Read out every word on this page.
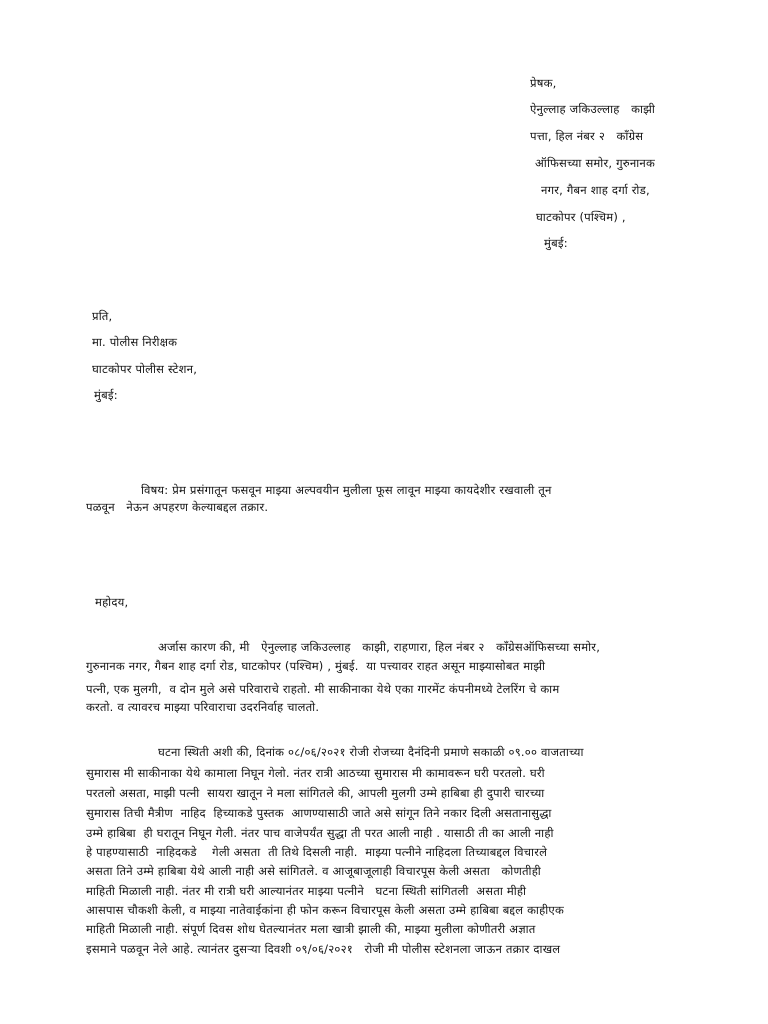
प्रेषक,
ऐनुल्लाह जकिउल्लाह   काझी
पत्ता, हिल नंबर २   कॉंग्रेस
ऑफिसच्या समोर, गुरुनानक
नगर, गैबन शाह दर्गा रोड,
घाटकोपर (पश्चिम) ,
मुंबई:
प्रति,
मा. पोलीस निरीक्षक
घाटकोपर पोलीस स्टेशन,
मुंबई:
विषय: प्रेम प्रसंगातून फसवून माझ्या अल्पवयीन मुलीला फूस लावून माझ्या कायदेशीर रखवाली तून
पळवून   नेऊन अपहरण केल्याबद्दल तक्रार.
महोदय,
अर्जास कारण की, मी   ऐनुल्लाह जकिउल्लाह   काझी, राहणारा, हिल नंबर २   कॉंग्रेसऑफिसच्या समोर,
गुरुनानक नगर, गैबन शाह दर्गा रोड, घाटकोपर (पश्चिम) , मुंबई.  या पत्त्यावर राहत असून माझ्यासोबत माझी
पत्नी, एक मुलगी,  व दोन मुले असे परिवाराचे राहतो. मी साकीनाका येथे एका गारमेंट कंपनीमध्ये टेलरिंग चे काम
करतो. व त्यावरच माझ्या परिवाराचा उदरनिर्वाह चालतो.
घटना स्थिती अशी की, दिनांक ०८/०६/२०२१ रोजी रोजच्या दैनंदिनी प्रमाणे सकाळी ०९.०० वाजताच्या
सुमारास मी साकीनाका येथे कामाला निघून गेलो. नंतर रात्री आठच्या सुमारास मी कामावरून घरी परतलो. घरी
परतलो असता, माझी पत्नी  सायरा खातून ने मला सांगितले की, आपली मुलगी उम्मे हाबिबा ही दुपारी चारच्या
सुमारास तिची मैत्रीण  नाहिद  हिच्याकडे पुस्तक  आणण्यासाठी जाते असे सांगून तिने नकार दिली असतानासुद्धा
उम्मे हाबिबा  ही घरातून निघून गेली. नंतर पाच वाजेपर्यंत सुद्धा ती परत आली नाही . यासाठी ती का आली नाही
हे पाहण्यासाठी  नाहिदकडे    गेली असता  ती तिथे दिसली नाही.  माझ्या पत्नीने नाहिदला तिच्याबद्दल विचारले
असता तिने उम्मे हाबिबा येथे आली नाही असे सांगितले. व आजूबाजूलाही विचारपूस केली असता   कोणतीही
माहिती मिळाली नाही. नंतर मी रात्री घरी आल्यानंतर माझ्या पत्नीने   घटना स्थिती सांगितली  असता मीही
आसपास चौकशी केली, व माझ्या नातेवाईकांना ही फोन करून विचारपूस केली असता उम्मे हाबिबा बद्दल काहीएक
माहिती मिळाली नाही. संपूर्ण दिवस शोध घेतल्यानंतर मला खात्री झाली की, माझ्या मुलीला कोणीतरी अज्ञात
इसमाने पळवून नेले आहे. त्यानंतर दुसऱ्या दिवशी ०९/०६/२०२१   रोजी मी पोलीस स्टेशनला जाऊन तक्रार दाखल
